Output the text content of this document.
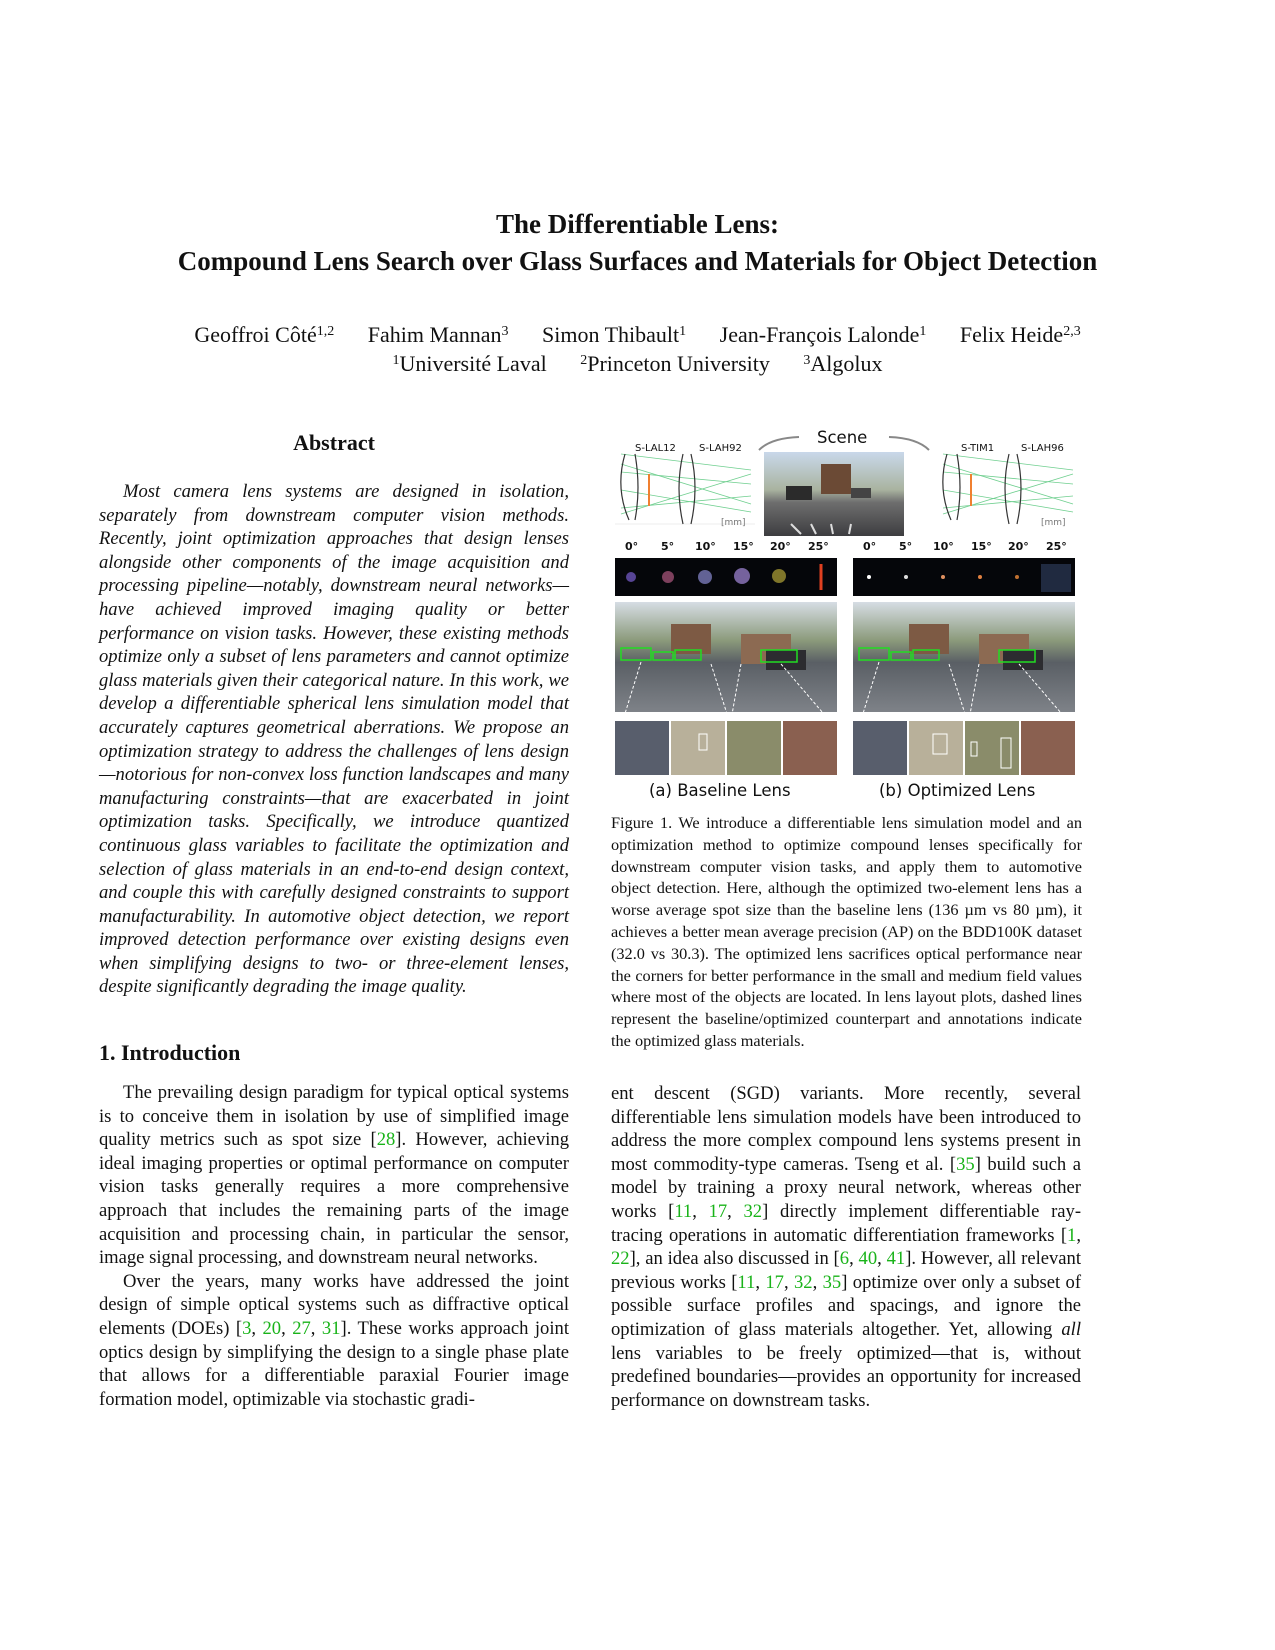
The Differentiable Lens:
Compound Lens Search over Glass Surfaces and Materials for Object Detection
Geoffroi Côté$^{1,2}$ Fahim Mannan$^3$ Simon Thibault$^1$ Jean-François Lalonde$^1$ Felix Heide$^{2,3}$
$^1$Université Laval $^2$Princeton University $^3$Algolux
Abstract
Most camera lens systems are designed in isolation, separately from downstream computer vision methods. Recently, joint optimization approaches that design lenses alongside other components of the image acquisition and processing pipeline—notably, downstream neural networks—have achieved improved imaging quality or better performance on vision tasks. However, these existing methods optimize only a subset of lens parameters and cannot optimize glass materials given their categorical nature. In this work, we develop a differentiable spherical lens simulation model that accurately captures geometrical aberrations. We propose an optimization strategy to address the challenges of lens design—notorious for non-convex loss function landscapes and many manufacturing constraints—that are exacerbated in joint optimization tasks. Specifically, we introduce quantized continuous glass variables to facilitate the optimization and selection of glass materials in an end-to-end design context, and couple this with carefully designed constraints to support manufacturability. In automotive object detection, we report improved detection performance over existing designs even when simplifying designs to two- or three-element lenses, despite significantly degrading the image quality.
1. Introduction

The prevailing design paradigm for typical optical systems is to conceive them in isolation by use of simplified image quality metrics such as spot size [28]. However, achieving ideal imaging properties or optimal performance on computer vision tasks generally requires a more comprehensive approach that includes the remaining parts of the image acquisition and processing chain, in particular the sensor, image signal processing, and downstream neural networks.

Over the years, many works have addressed the joint design of simple optical systems such as diffractive optical elements (DOEs) [3, 20, 27, 31]. These works approach joint optics design by simplifying the design to a single phase plate that allows for a differentiable paraxial Fourier image formation model, optimizable via stochastic gradi-

ent descent (SGD) variants. More recently, several differentiable lens simulation models have been introduced to address the more complex compound lens systems present in most commodity-type cameras. Tseng et al. [35] build such a model by training a proxy neural network, whereas other works [11, 17, 32] directly implement differentiable ray-tracing operations in automatic differentiation frameworks [1, 22], an idea also discussed in [6, 40, 41]. However, all relevant previous works [11, 17, 32, 35] optimize over only a subset of possible surface profiles and spacings, and ignore the optimization of glass materials altogether. Yet, allowing all lens variables to be freely optimized—that is, without predefined boundaries—provides an opportunity for increased performance on downstream tasks.

Scene
S-LAL12 S-LAH92	S-TIM1	S-LAH96
[mm]	[mm]
0° 5° 10° 15° 20° 25°	0° 5° 10° 15° 20° 25°
(a) Baseline Lens	(b) Optimized Lens
Figure 1. We introduce a differentiable lens simulation model and an optimization method to optimize compound lenses specifically for downstream computer vision tasks, and apply them to automotive object detection. Here, although the optimized two-element lens has a worse average spot size than the baseline lens (136 µm vs 80 µm), it achieves a better mean average precision (AP) on the BDD100K dataset (32.0 vs 30.3). The optimized lens sacrifices optical performance near the corners for better performance in the small and medium field values where most of the objects are located. In lens layout plots, dashed lines represent the baseline/optimized counterpart and annotations indicate the optimized glass materials.
